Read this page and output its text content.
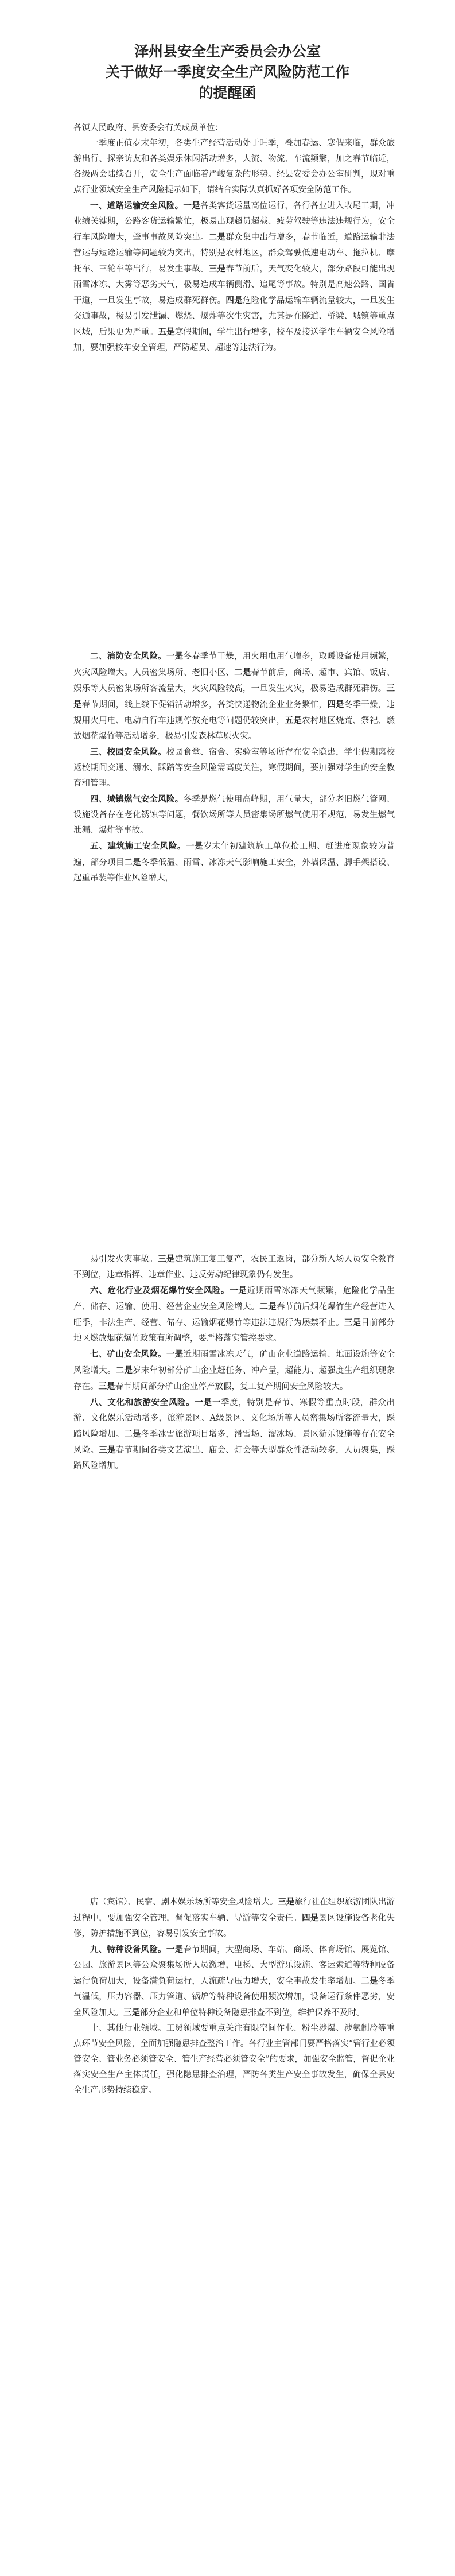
泽州县安全生产委员会办公室
关于做好一季度安全生产风险防范工作
的提醒函

各镇人民政府、县安委会有关成员单位：

一季度正值岁末年初，各类生产经营活动处于旺季，叠加春运、寒假来临，群众旅游出行、探亲访友和各类娱乐休闲活动增多，人流、物流、车流频繁，加之春节临近，各级两会陆续召开，安全生产面临着严峻复杂的形势。经县安委会办公室研判，现对重点行业领域安全生产风险提示如下，请结合实际认真抓好各项安全防范工作。

一、道路运输安全风险。一是各类客货运量高位运行，各行各业进入收尾工期，冲业绩关键期，公路客货运输繁忙，极易出现超员超载、疲劳驾驶等违法违规行为，安全行车风险增大，肇事事故风险突出。二是群众集中出行增多，春节临近，道路运输非法营运与短途运输等问题较为突出，特别是农村地区，群众驾驶低速电动车、拖拉机、摩托车、三轮车等出行，易发生事故。三是春节前后，天气变化较大，部分路段可能出现雨雪冰冻、大雾等恶劣天气，极易造成车辆侧滑、追尾等事故。特别是高速公路、国省干道，一旦发生事故，易造成群死群伤。四是危险化学品运输车辆流量较大，一旦发生交通事故，极易引发泄漏、燃烧、爆炸等次生灾害，尤其是在隧道、桥梁、城镇等重点区域，后果更为严重。五是寒假期间，学生出行增多，校车及接送学生车辆安全风险增加，要加强校车安全管理，严防超员、超速等违法行为。

二、消防安全风险。一是冬春季节干燥，用火用电用气增多，取暖设备使用频繁，火灾风险增大。人员密集场所、老旧小区、二是春节前后，商场、超市、宾馆、饭店、娱乐等人员密集场所客流量大，火灾风险较高，一旦发生火灾，极易造成群死群伤。三是春节期间，线上线下促销活动增多，各类快递物流企业业务繁忙，四是冬季干燥，违规用火用电、电动自行车违规停放充电等问题仍较突出，五是农村地区烧荒、祭祀、燃放烟花爆竹等活动增多，极易引发森林草原火灾。

三、校园安全风险。校园食堂、宿舍、实验室等场所存在安全隐患，学生假期离校返校期间交通、溺水、踩踏等安全风险需高度关注，寒假期间，要加强对学生的安全教育和管理。

四、城镇燃气安全风险。冬季是燃气使用高峰期，用气量大，部分老旧燃气管网、设施设备存在老化锈蚀等问题，餐饮场所等人员密集场所燃气使用不规范，易发生燃气泄漏、爆炸等事故。

五、建筑施工安全风险。一是岁末年初建筑施工单位抢工期、赶进度现象较为普遍，部分项目二是冬季低温、雨雪、冰冻天气影响施工安全，外墙保温、脚手架搭设、起重吊装等作业风险增大，

易引发火灾事故。三是建筑施工复工复产，农民工返岗，部分新入场人员安全教育不到位，违章指挥、违章作业、违反劳动纪律现象仍有发生。

六、危化行业及烟花爆竹安全风险。一是近期雨雪冰冻天气频繁，危险化学品生产、储存、运输、使用、经营企业安全风险增大。二是春节前后烟花爆竹生产经营进入旺季，非法生产、经营、储存、运输烟花爆竹等违法违规行为屡禁不止。三是目前部分地区燃放烟花爆竹政策有所调整，要严格落实管控要求。

七、矿山安全风险。一是近期雨雪冰冻天气，矿山企业道路运输、地面设施等安全风险增大。二是岁末年初部分矿山企业赶任务、冲产量，超能力、超强度生产组织现象存在。三是春节期间部分矿山企业停产放假，复工复产期间安全风险较大。

八、文化和旅游安全风险。一是一季度，特别是春节、寒假等重点时段，群众出游、文化娱乐活动增多，旅游景区、A级景区、文化场所等人员密集场所客流量大，踩踏风险增加。二是冬季冰雪旅游项目增多，滑雪场、溜冰场、景区游乐设施等存在安全风险。三是春节期间各类文艺演出、庙会、灯会等大型群众性活动较多，人员聚集，踩踏风险增加。

店（宾馆）、民宿、剧本娱乐场所等安全风险增大。三是旅行社在组织旅游团队出游过程中，要加强安全管理，督促落实车辆、导游等安全责任。四是景区设施设备老化失修，防护措施不到位，容易引发安全事故。

九、特种设备风险。一是春节期间，大型商场、车站、商场、体育场馆、展览馆、公园、旅游景区等公众聚集场所人员激增，电梯、大型游乐设施、客运索道等特种设备运行负荷加大，设备满负荷运行，人流疏导压力增大，安全事故发生率增加。二是冬季气温低，压力容器、压力管道、锅炉等特种设备使用频次增加，设备运行条件恶劣，安全风险加大。三是部分企业和单位特种设备隐患排查不到位，维护保养不及时。

十、其他行业领域。工贸领域要重点关注有限空间作业、粉尘涉爆、涉氨制冷等重点环节安全风险，全面加强隐患排查整治工作。各行业主管部门要严格落实“管行业必须管安全、管业务必须管安全、管生产经营必须管安全”的要求，加强安全监管，督促企业落实安全生产主体责任，强化隐患排查治理，严防各类生产安全事故发生，确保全县安全生产形势持续稳定。
